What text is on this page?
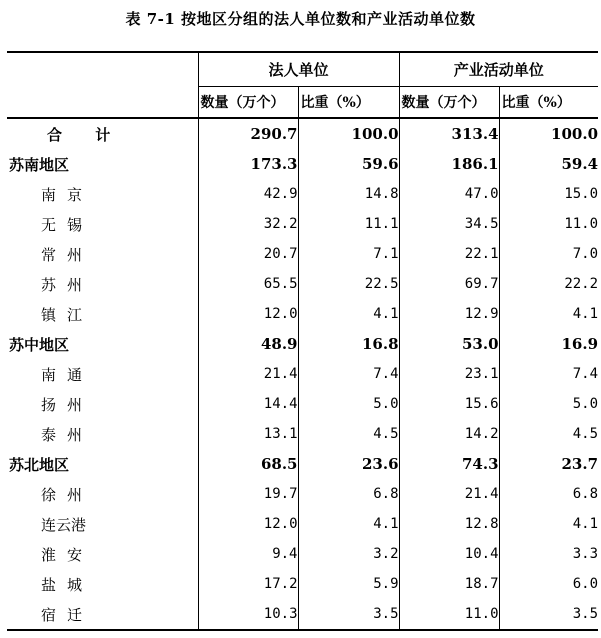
表 7-1 按地区分组的法人单位数和产业活动单位数
	法人单位		产业活动单位	
	数量（万个）	比重（%）	数量（万个）	比重（%）
合 计	290.7	100.0	313.4	100.0
苏南地区	173.3	59.6	186.1	59.4
南京	42.9	14.8	47.0	15.0
无锡	32.2	11.1	34.5	11.0
常州	20.7	7.1	22.1	7.0
苏州	65.5	22.5	69.7	22.2
镇江	12.0	4.1	12.9	4.1
苏中地区	48.9	16.8	53.0	16.9
南通	21.4	7.4	23.1	7.4
扬州	14.4	5.0	15.6	5.0
泰州	13.1	4.5	14.2	4.5
苏北地区	68.5	23.6	74.3	23.7
徐州	19.7	6.8	21.4	6.8
连云港	12.0	4.1	12.8	4.1
淮安	9.4	3.2	10.4	3.3
盐城	17.2	5.9	18.7	6.0
宿迁	10.3	3.5	11.0	3.5
